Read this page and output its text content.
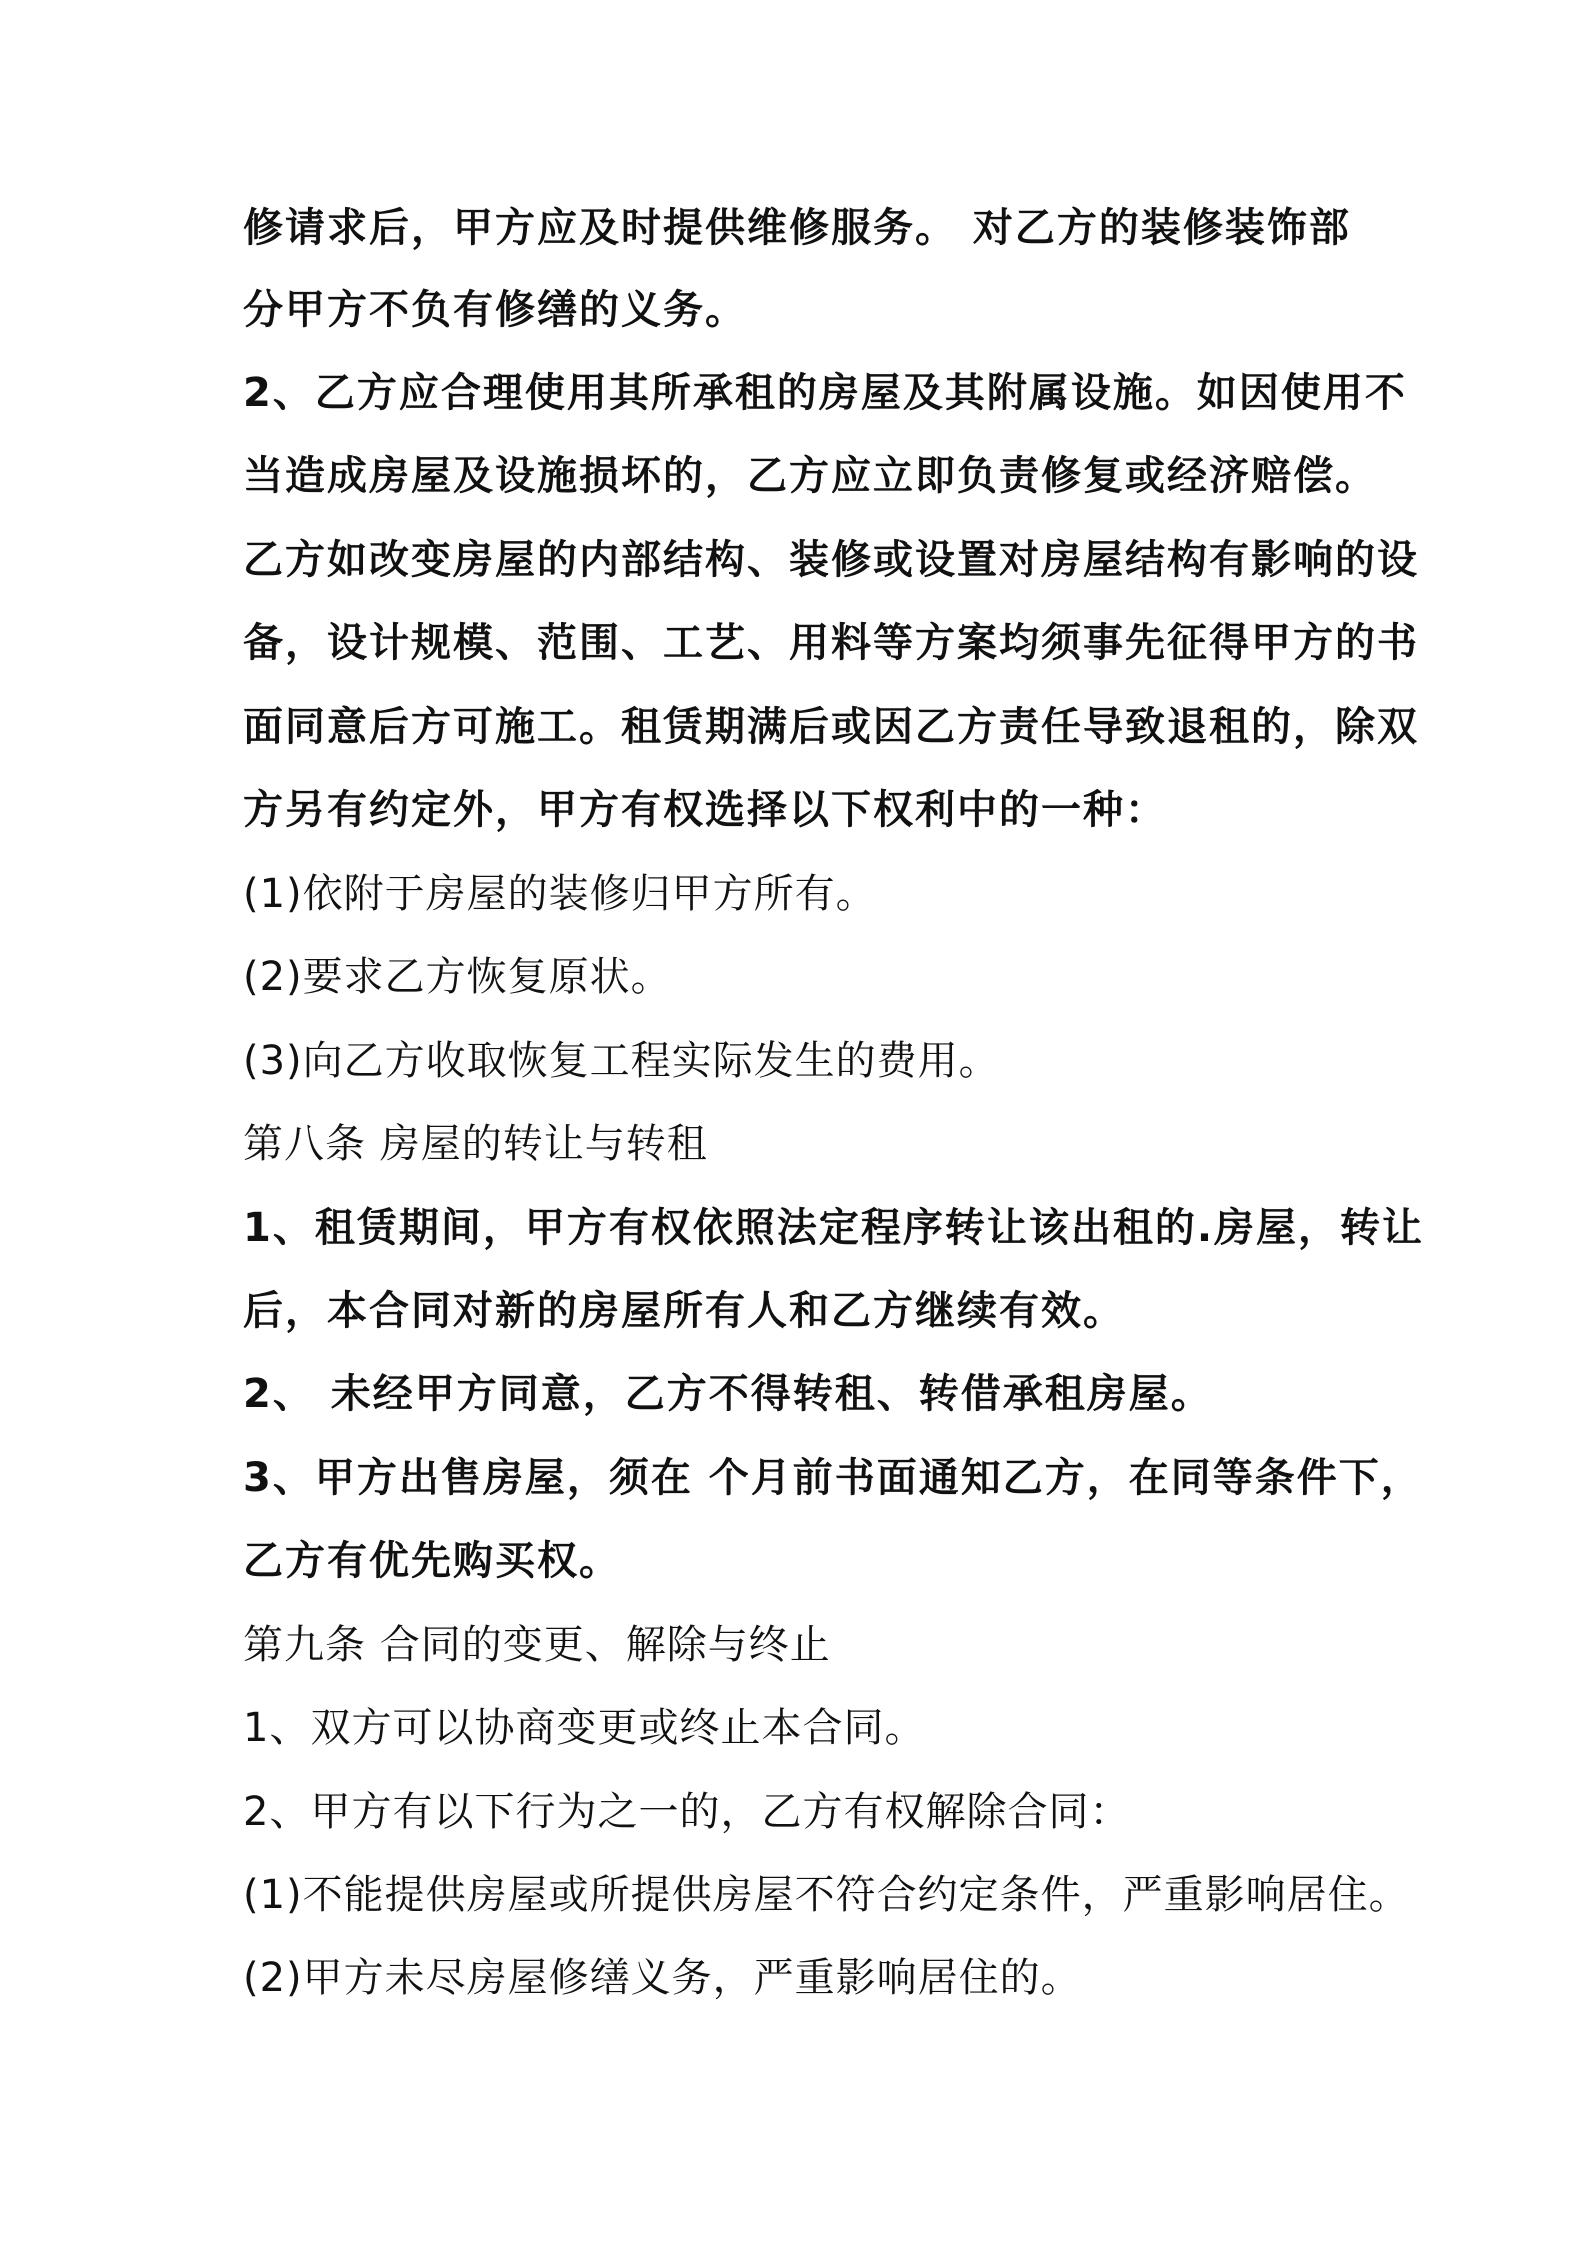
修请求后，甲方应及时提供维修服务。 对乙方的装修装饰部
分甲方不负有修缮的义务。
2、乙方应合理使用其所承租的房屋及其附属设施。如因使用不
当造成房屋及设施损坏的，乙方应立即负责修复或经济赔偿。
乙方如改变房屋的内部结构、装修或设置对房屋结构有影响的设
备，设计规模、范围、工艺、用料等方案均须事先征得甲方的书
面同意后方可施工。租赁期满后或因乙方责任导致退租的，除双
方另有约定外，甲方有权选择以下权利中的一种：
(1)依附于房屋的装修归甲方所有。
(2)要求乙方恢复原状。
(3)向乙方收取恢复工程实际发生的费用。
第八条 房屋的转让与转租
1、租赁期间，甲方有权依照法定程序转让该出租的.房屋，转让
后，本合同对新的房屋所有人和乙方继续有效。
2、 未经甲方同意，乙方不得转租、转借承租房屋。
3、甲方出售房屋，须在 个月前书面通知乙方，在同等条件下，
乙方有优先购买权。
第九条 合同的变更、解除与终止
1、双方可以协商变更或终止本合同。
2、甲方有以下行为之一的，乙方有权解除合同：
(1)不能提供房屋或所提供房屋不符合约定条件，严重影响居住。
(2)甲方未尽房屋修缮义务，严重影响居住的。
